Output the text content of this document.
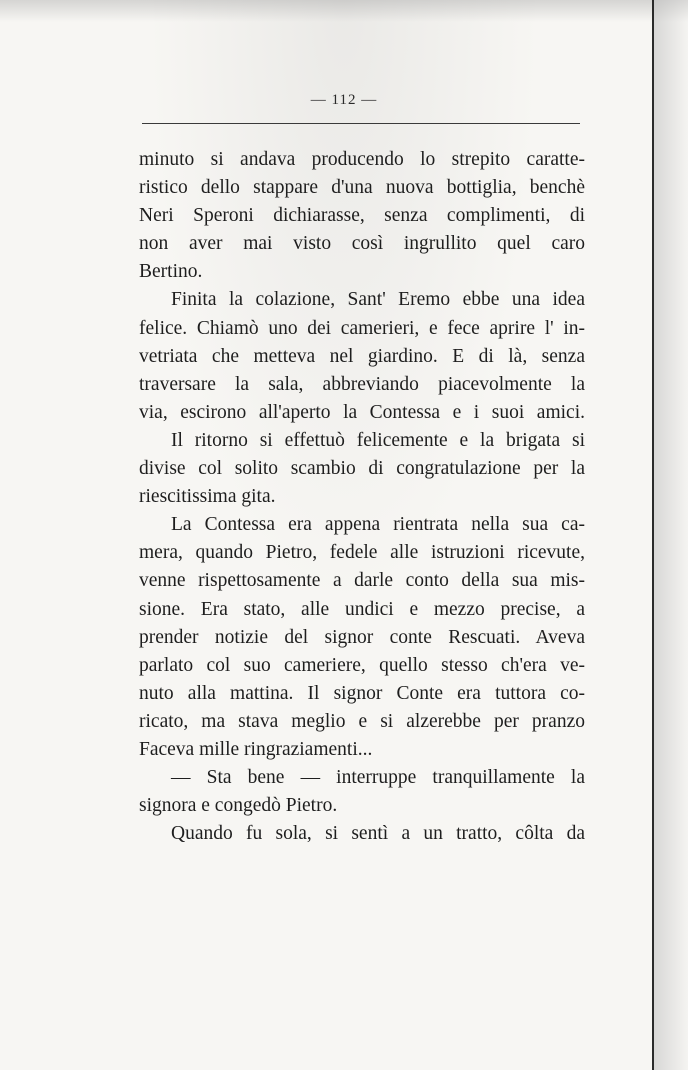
— 112 —
minuto si andava producendo lo strepito caratte-
ristico dello stappare d'una nuova bottiglia, benchè
Neri Speroni dichiarasse, senza complimenti, di
non aver mai visto così ingrullito quel caro
Bertino.
Finita la colazione, Sant' Eremo ebbe una idea
felice. Chiamò uno dei camerieri, e fece aprire l' in-
vetriata che metteva nel giardino. E di là, senza
traversare la sala, abbreviando piacevolmente la
via, escirono all'aperto la Contessa e i suoi amici.
Il ritorno si effettuò felicemente e la brigata si
divise col solito scambio di congratulazione per la
riescitissima gita.
La Contessa era appena rientrata nella sua ca-
mera, quando Pietro, fedele alle istruzioni ricevute,
venne rispettosamente a darle conto della sua mis-
sione. Era stato, alle undici e mezzo precise, a
prender notizie del signor conte Rescuati. Aveva
parlato col suo cameriere, quello stesso ch'era ve-
nuto alla mattina. Il signor Conte era tuttora co-
ricato, ma stava meglio e si alzerebbe per pranzo
Faceva mille ringraziamenti...
— Sta bene — interruppe tranquillamente la
signora e congedò Pietro.
Quando fu sola, si sentì a un tratto, côlta da
